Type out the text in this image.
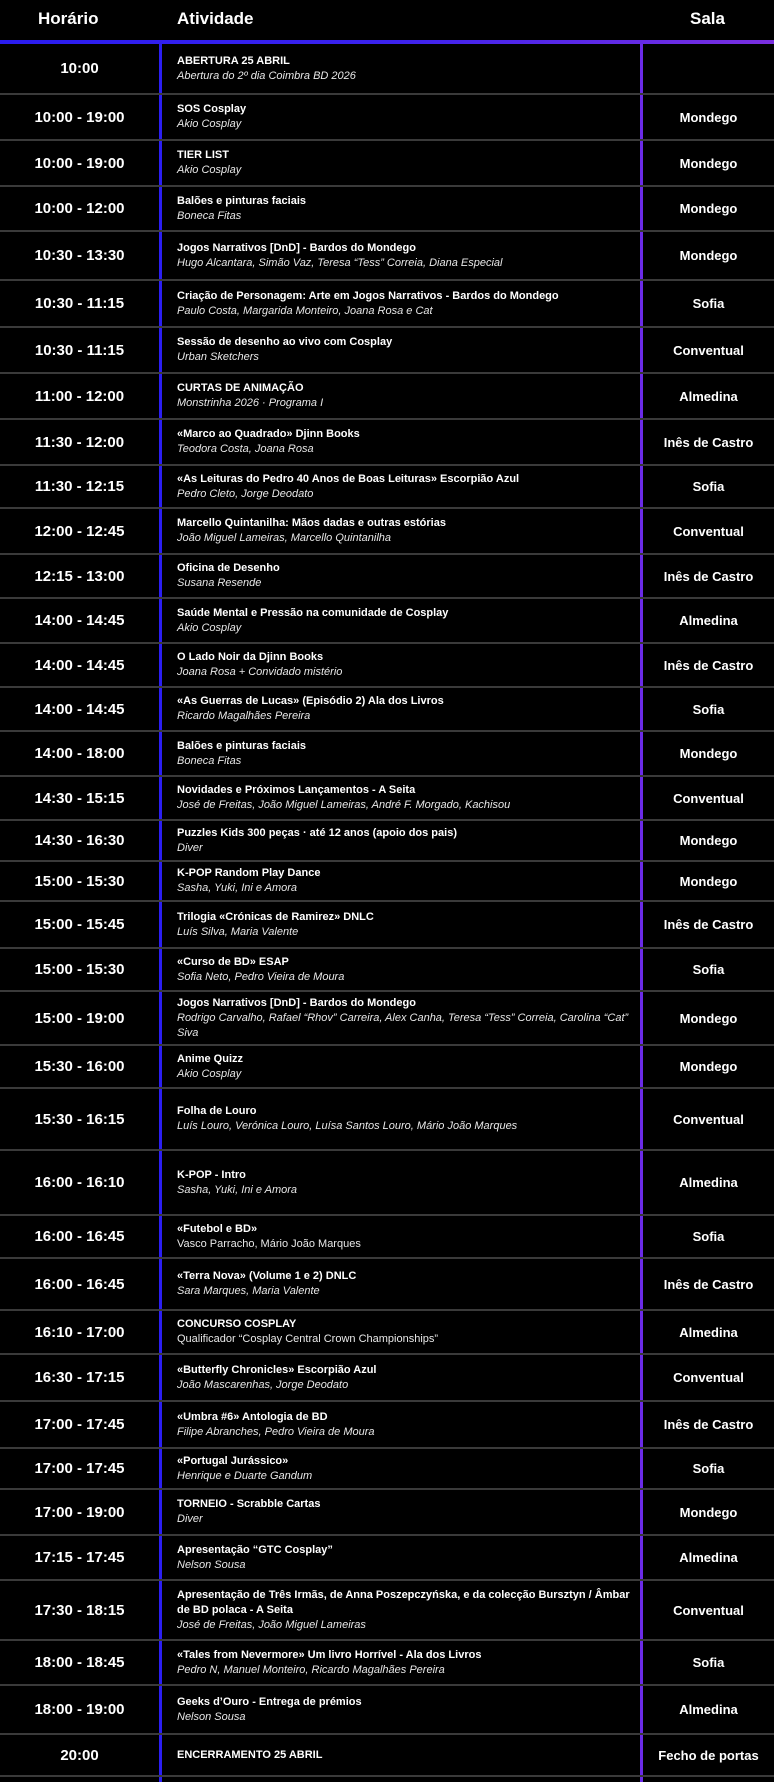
Horário	Atividade	Sala
10:00	ABERTURA 25 ABRIL
Abertura do 2º dia Coimbra BD 2026
10:00 - 19:00	SOS Cosplay
Akio Cosplay	Mondego
10:00 - 19:00	TIER LIST
Akio Cosplay	Mondego
10:00 - 12:00	Balões e pinturas faciais
Boneca Fitas	Mondego
10:30 - 13:30	Jogos Narrativos [DnD] - Bardos do Mondego
Hugo Alcantara, Simão Vaz, Teresa “Tess” Correia, Diana Especial	Mondego
10:30 - 11:15	Criação de Personagem: Arte em Jogos Narrativos - Bardos do Mondego
Paulo Costa, Margarida Monteiro, Joana Rosa e Cat	Sofia
10:30 - 11:15	Sessão de desenho ao vivo com Cosplay
Urban Sketchers	Conventual
11:00 - 12:00	CURTAS DE ANIMAÇÃO
Monstrinha 2026 · Programa I	Almedina
11:30 - 12:00	«Marco ao Quadrado» Djinn Books
Teodora Costa, Joana Rosa	Inês de Castro
11:30 - 12:15	«As Leituras do Pedro 40 Anos de Boas Leituras» Escorpião Azul
Pedro Cleto, Jorge Deodato	Sofia
12:00 - 12:45	Marcello Quintanilha: Mãos dadas e outras estórias
João Miguel Lameiras, Marcello Quintanilha	Conventual
12:15 - 13:00	Oficina de Desenho
Susana Resende	Inês de Castro
14:00 - 14:45	Saúde Mental e Pressão na comunidade de Cosplay
Akio Cosplay	Almedina
14:00 - 14:45	O Lado Noir da Djinn Books
Joana Rosa + Convidado mistério	Inês de Castro
14:00 - 14:45	«As Guerras de Lucas» (Episódio 2) Ala dos Livros
Ricardo Magalhães Pereira	Sofia
14:00 - 18:00	Balões e pinturas faciais
Boneca Fitas	Mondego
14:30 - 15:15	Novidades e Próximos Lançamentos - A Seita
José de Freitas, João Miguel Lameiras, André F. Morgado, Kachisou	Conventual
14:30 - 16:30	Puzzles Kids 300 peças · até 12 anos (apoio dos pais)
Diver	Mondego
15:00 - 15:30	K-POP Random Play Dance
Sasha, Yuki, Ini e Amora	Mondego
15:00 - 15:45	Trilogia «Crónicas de Ramirez» DNLC
Luís Silva, Maria Valente	Inês de Castro
15:00 - 15:30	«Curso de BD» ESAP
Sofia Neto, Pedro Vieira de Moura	Sofia
15:00 - 19:00
Jogos Narrativos [DnD] - Bardos do Mondego
Rodrigo Carvalho, Rafael “Rhov” Carreira, Alex Canha, Teresa “Tess” Correia, Carolina “Cat” Siva
Mondego
15:30 - 16:00	Anime Quizz
Akio Cosplay	Mondego
15:30 - 16:15	Folha de Louro
Luís Louro, Verónica Louro, Luísa Santos Louro, Mário João Marques	Conventual
16:00 - 16:10	K-POP - Intro
Sasha, Yuki, Ini e Amora	Almedina
16:00 - 16:45	«Futebol e BD»
Vasco Parracho, Mário João Marques	Sofia
16:00 - 16:45	«Terra Nova» (Volume 1 e 2) DNLC
Sara Marques, Maria Valente	Inês de Castro
16:10 - 17:00	CONCURSO COSPLAY
Qualificador “Cosplay Central Crown Championships”	Almedina
16:30 - 17:15	«Butterfly Chronicles» Escorpião Azul
João Mascarenhas, Jorge Deodato	Conventual
17:00 - 17:45	«Umbra #6» Antologia de BD
Filipe Abranches, Pedro Vieira de Moura	Inês de Castro
17:00 - 17:45	«Portugal Jurássico»
Henrique e Duarte Gandum	Sofia
17:00 - 19:00	TORNEIO - Scrabble Cartas
Diver	Mondego
17:15 - 17:45	Apresentação “GTC Cosplay”
Nelson Sousa	Almedina
17:30 - 18:15
Apresentação de Três Irmãs, de Anna Poszepczyńska, e da colecção Bursztyn / Âmbar de BD polaca - A Seita
José de Freitas, João Miguel Lameiras
Conventual
18:00 - 18:45	«Tales from Nevermore» Um livro Horrível - Ala dos Livros
Pedro N, Manuel Monteiro, Ricardo Magalhães Pereira	Sofia
18:00 - 19:00	Geeks d’Ouro - Entrega de prémios
Nelson Sousa	Almedina
20:00	ENCERRAMENTO 25 ABRIL	Fecho de portas
